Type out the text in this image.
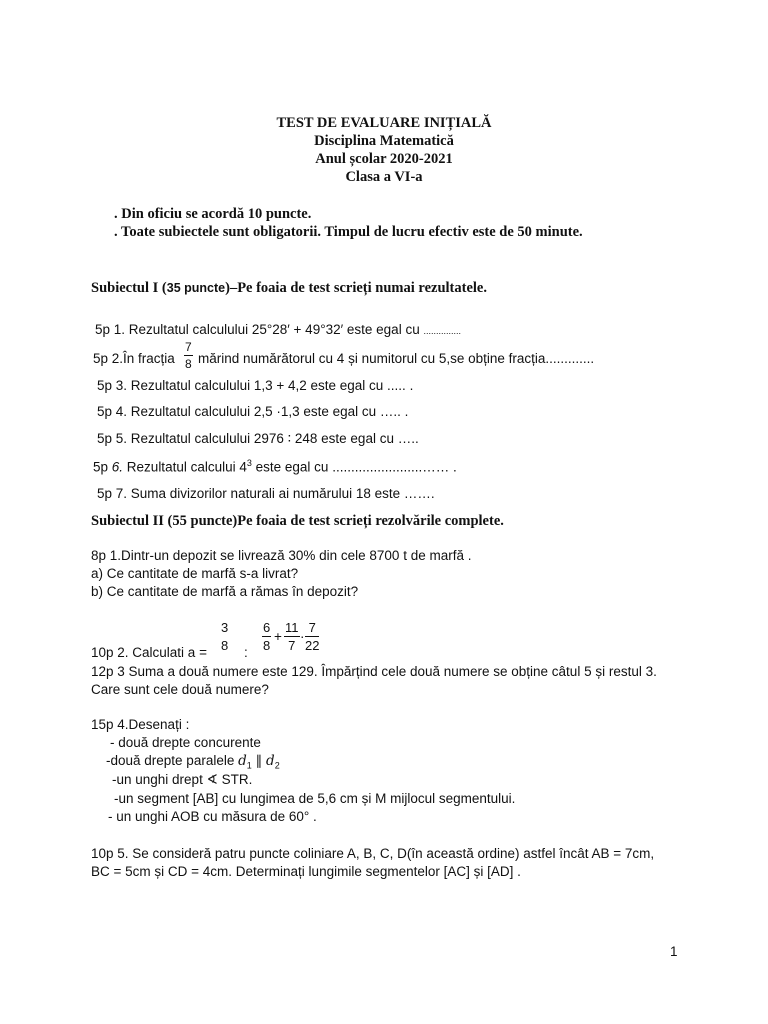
TEST DE EVALUARE INIȚIALĂ
Disciplina Matematică
Anul școlar 2020-2021
Clasa a VI-a
. Din oficiu se acordă 10 puncte.
. Toate subiectele sunt obligatorii. Timpul de lucru efectiv este de 50 minute.
Subiectul I (35 puncte)–Pe foaia de test scrieți numai rezultatele.
5p 1. Rezultatul calculului 25°28′ + 49°32′ este egal cu ...............
5p 2.În fracția $\frac{7}{8}$ mărind numărătorul cu 4 și numitorul cu 5,se obține fracția.............
5p 3. Rezultatul calculului 1,3 + 4,2 este egal cu ..... .
5p 4. Rezultatul calculului 2,5 ·1,3 este egal cu ….. .
5p 5. Rezultatul calculului 2976 ∶ 248 este egal cu …..
5p 6. Rezultatul calcului $4^3$ este egal cu ........................…… .
5p 7. Suma divizorilor naturali ai numărului 18 este …….
Subiectul II (55 puncte)Pe foaia de test scrieți rezolvările complete.
8p 1.Dintr-un depozit se livrează 30% din cele 8700 t de marfă .
a) Ce cantitate de marfă s-a livrat?
b) Ce cantitate de marfă a rămas în depozit?
10p 2. Calculati a =
3
8 :
$\frac{6}{8} + \frac{11}{7} \cdot \frac{7}{22}$
12p 3 Suma a două numere este 129. Împărțind cele două numere se obține câtul 5 și restul 3.
Care sunt cele două numere?
15p 4.Desenați :
- două drepte concurente
-două drepte paralele $d_1$ ∥ $d_2$
-un unghi drept ∢ STR.
-un segment [AB] cu lungimea de 5,6 cm și M mijlocul segmentului.
- un unghi AOB cu măsura de 60° .
10p 5. Se consideră patru puncte coliniare A, B, C, D(în această ordine) astfel încât AB = 7cm,
BC = 5cm și CD = 4cm. Determinați lungimile segmentelor [AC] și [AD] .
1
